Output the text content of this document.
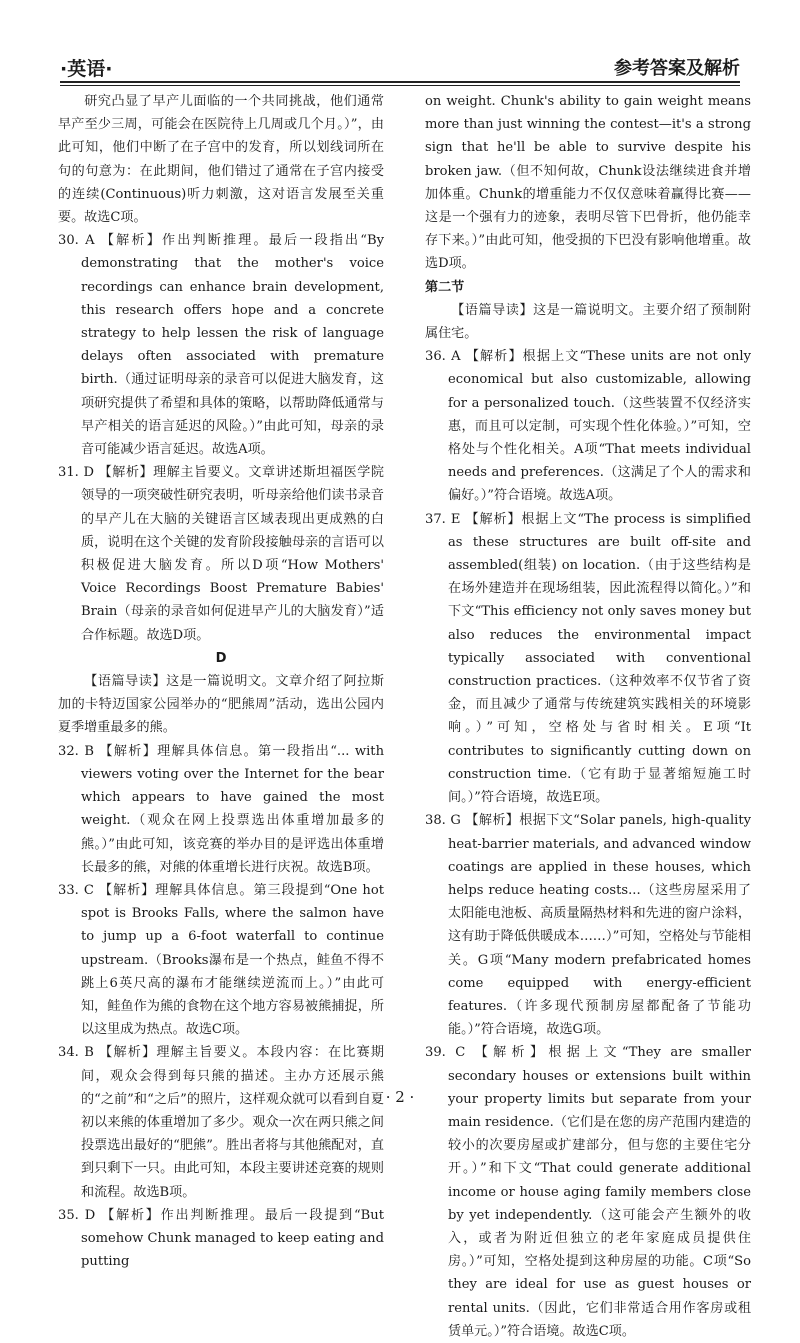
·英语·	参考答案及解析

研究凸显了早产儿面临的一个共同挑战，他们通常早产至少三周，可能会在医院待上几周或几个月。）”，由此可知，他们中断了在子宫中的发育，所以划线词所在句的句意为：在此期间，他们错过了通常在子宫内接受的连续(Continuous)听力刺激，这对语言发展至关重要。故选C项。

30. A 【解析】作出判断推理。最后一段指出“By demonstrating that the mother's voice recordings can enhance brain development, this research offers hope and a concrete strategy to help lessen the risk of language delays often associated with premature birth.（通过证明母亲的录音可以促进大脑发育，这项研究提供了希望和具体的策略，以帮助降低通常与早产相关的语言延迟的风险。）”由此可知，母亲的录音可能减少语言延迟。故选A项。

31. D 【解析】理解主旨要义。文章讲述斯坦福医学院领导的一项突破性研究表明，听母亲给他们读书录音的早产儿在大脑的关键语言区域表现出更成熟的白质，说明在这个关键的发育阶段接触母亲的言语可以积极促进大脑发育。所以D项“How Mothers' Voice Recordings Boost Premature Babies' Brain（母亲的录音如何促进早产儿的大脑发育）”适合作标题。故选D项。

D

【语篇导读】这是一篇说明文。文章介绍了阿拉斯加的卡特迈国家公园举办的“肥熊周”活动，选出公园内夏季增重最多的熊。

32. B 【解析】理解具体信息。第一段指出“... with viewers voting over the Internet for the bear which appears to have gained the most weight.（观众在网上投票选出体重增加最多的熊。）”由此可知，该竞赛的举办目的是评选出体重增长最多的熊，对熊的体重增长进行庆祝。故选B项。

33. C 【解析】理解具体信息。第三段提到“One hot spot is Brooks Falls, where the salmon have to jump up a 6-foot waterfall to continue upstream.（Brooks瀑布是一个热点，鲑鱼不得不跳上6英尺高的瀑布才能继续逆流而上。）”由此可知，鲑鱼作为熊的食物在这个地方容易被熊捕捉，所以这里成为热点。故选C项。

34. B 【解析】理解主旨要义。本段内容：在比赛期间，观众会得到每只熊的描述。主办方还展示熊的“之前”和“之后”的照片，这样观众就可以看到自夏初以来熊的体重增加了多少。观众一次在两只熊之间投票选出最好的“肥熊”。胜出者将与其他熊配对，直到只剩下一只。由此可知，本段主要讲述竞赛的规则和流程。故选B项。

35. D 【解析】作出判断推理。最后一段提到“But somehow Chunk managed to keep eating and putting

on weight. Chunk's ability to gain weight means more than just winning the contest—it's a strong sign that he'll be able to survive despite his broken jaw.（但不知何故，Chunk设法继续进食并增加体重。Chunk的增重能力不仅仅意味着赢得比赛——这是一个强有力的迹象，表明尽管下巴骨折，他仍能幸存下来。）”由此可知，他受损的下巴没有影响他增重。故选D项。

第二节

【语篇导读】这是一篇说明文。主要介绍了预制附属住宅。

36. A 【解析】根据上文“These units are not only economical but also customizable, allowing for a personalized touch.（这些装置不仅经济实惠，而且可以定制，可实现个性化体验。）”可知，空格处与个性化相关。A项“That meets individual needs and preferences.（这满足了个人的需求和偏好。）”符合语境。故选A项。

37. E 【解析】根据上文“The process is simplified as these structures are built off-site and assembled(组装) on location.（由于这些结构是在场外建造并在现场组装，因此流程得以简化。）”和下文“This efficiency not only saves money but also reduces the environmental impact typically associated with conventional construction practices.（这种效率不仅节省了资金，而且减少了通常与传统建筑实践相关的环境影响。）”可知，空格处与省时相关。E项“It contributes to significantly cutting down on construction time.（它有助于显著缩短施工时间。）”符合语境，故选E项。

38. G 【解析】根据下文“Solar panels, high-quality heat-barrier materials, and advanced window coatings are applied in these houses, which helps reduce heating costs...（这些房屋采用了太阳能电池板、高质量隔热材料和先进的窗户涂料，这有助于降低供暖成本……）”可知，空格处与节能相关。G项“Many modern prefabricated homes come equipped with energy-efficient features.（许多现代预制房屋都配备了节能功能。）”符合语境，故选G项。

39. C 【解析】根据上文“They are smaller secondary houses or extensions built within your property limits but separate from your main residence.（它们是在您的房产范围内建造的较小的次要房屋或扩建部分，但与您的主要住宅分开。）”和下文“That could generate additional income or house aging family members close by yet independently.（这可能会产生额外的收入，或者为附近但独立的老年家庭成员提供住房。）”可知，空格处提到这种房屋的功能。C项“So they are ideal for use as guest houses or rental units.（因此，它们非常适合用作客房或租赁单元。）”符合语境。故选C项。

· 2 ·
